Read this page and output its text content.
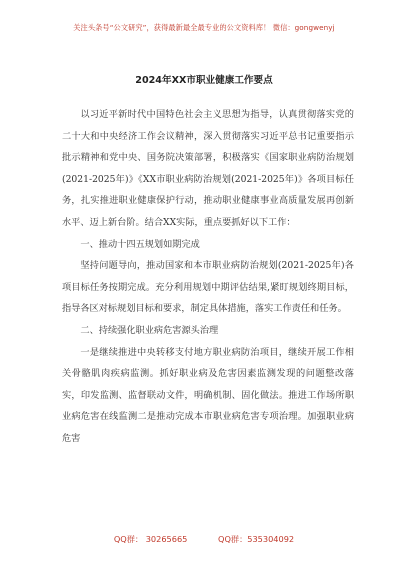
关注头条号“公文研究”，获得最新最全最专业的公文资料库！ 微信：gongwenyj
2024年XX市职业健康工作要点

以习近平新时代中国特色社会主义思想为指导，认真贯彻落实党的二十大和中央经济工作会议精神，深入贯彻落实习近平总书记重要指示批示精神和党中央、国务院决策部署，积极落实《国家职业病防治规划(2021-2025年)》《XX市职业病防治规划(2021-2025年)》各项目标任务，扎实推进职业健康保护行动，推动职业健康事业高质量发展再创新水平、迈上新台阶。结合XX实际，重点要抓好以下工作：

一、推动十四五规划如期完成

坚持问题导向，推动国家和本市职业病防治规划(2021-2025年)各项目标任务按期完成。充分利用规划中期评估结果,紧盯规划终期目标，指导各区对标规划目标和要求，制定具体措施，落实工作责任和任务。

二、持续强化职业病危害源头治理

一是继续推进中央转移支付地方职业病防治项目，继续开展工作相关骨骼肌肉疾病监测。抓好职业病及危害因素监测发现的问题整改落实，印发监测、监督联动文件，明确机制、固化做法。推进工作场所职业病危害在线监测二是推动完成本市职业病危害专项治理。加强职业病危害

QQ群： 30265665	QQ群：535304092
